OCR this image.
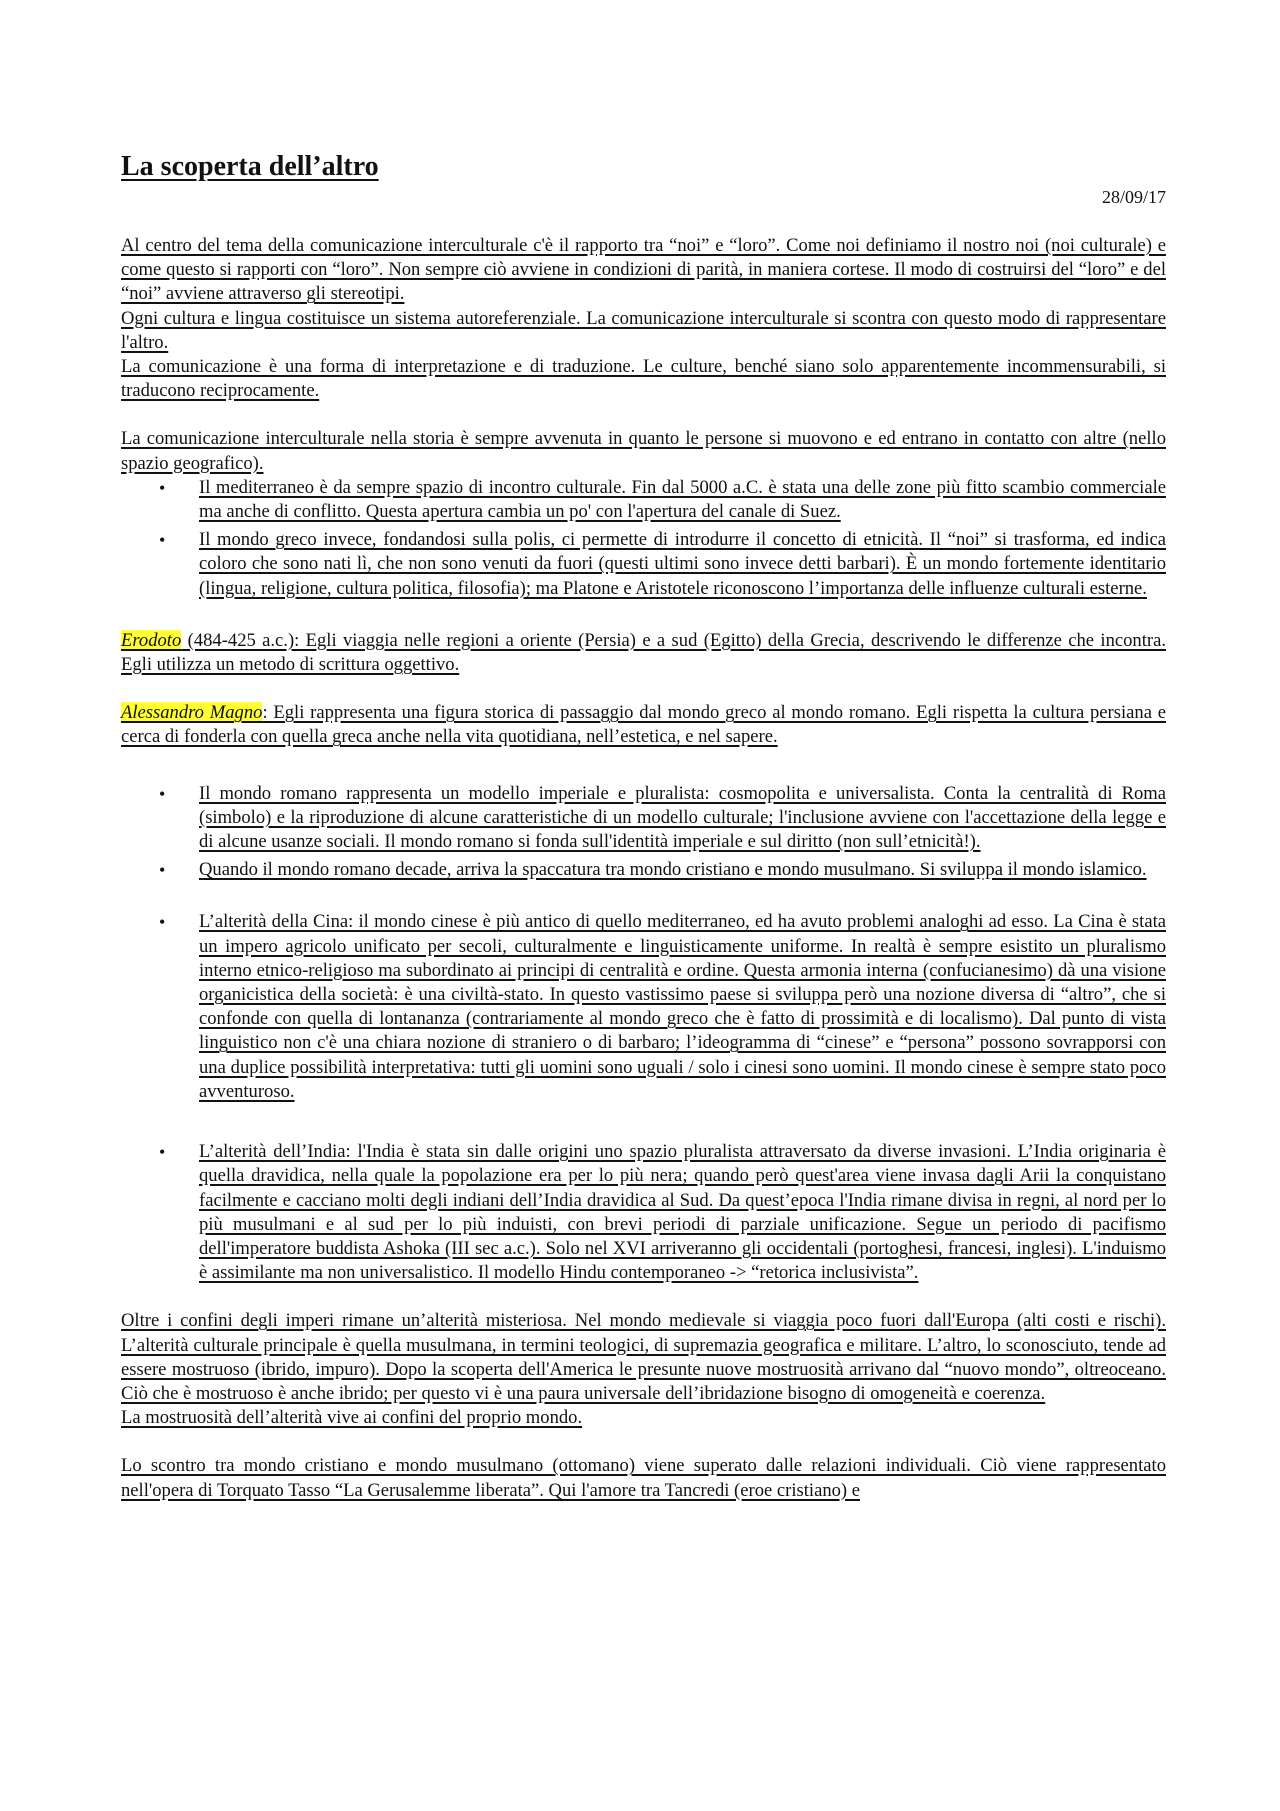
La scoperta dell’altro
28/09/17

Al centro del tema della comunicazione interculturale c'è il rapporto tra “noi” e “loro”. Come noi definiamo il nostro noi (noi culturale) e come questo si rapporti con “loro”. Non sempre ciò avviene in condizioni di parità, in maniera cortese. Il modo di costruirsi del “loro” e del “noi” avviene attraverso gli stereotipi.

Ogni cultura e lingua costituisce un sistema autoreferenziale. La comunicazione interculturale si scontra con questo modo di rappresentare l'altro.

La comunicazione è una forma di interpretazione e di traduzione. Le culture, benché siano solo apparentemente incommensurabili, si traducono reciprocamente.

La comunicazione interculturale nella storia è sempre avvenuta in quanto le persone si muovono e ed entrano in contatto con altre (nello spazio geografico).

• Il mediterraneo è da sempre spazio di incontro culturale. Fin dal 5000 a.C. è stata una delle zone più fitto scambio commerciale ma anche di conflitto. Questa apertura cambia un po' con l'apertura del canale di Suez.
• Il mondo greco invece, fondandosi sulla polis, ci permette di introdurre il concetto di etnicità. Il “noi” si trasforma, ed indica coloro che sono nati lì, che non sono venuti da fuori (questi ultimi sono invece detti barbari). È un mondo fortemente identitario (lingua, religione, cultura politica, filosofia); ma Platone e Aristotele riconoscono l’importanza delle influenze culturali esterne.

Erodoto (484-425 a.c.): Egli viaggia nelle regioni a oriente (Persia) e a sud (Egitto) della Grecia, descrivendo le differenze che incontra. Egli utilizza un metodo di scrittura oggettivo.

Alessandro Magno: Egli rappresenta una figura storica di passaggio dal mondo greco al mondo romano. Egli rispetta la cultura persiana e cerca di fonderla con quella greca anche nella vita quotidiana, nell’estetica, e nel sapere.

• Il mondo romano rappresenta un modello imperiale e pluralista: cosmopolita e universalista. Conta la centralità di Roma (simbolo) e la riproduzione di alcune caratteristiche di un modello culturale; l'inclusione avviene con l'accettazione della legge e di alcune usanze sociali. Il mondo romano si fonda sull'identità imperiale e sul diritto (non sull’etnicità!).
• Quando il mondo romano decade, arriva la spaccatura tra mondo cristiano e mondo musulmano. Si sviluppa il mondo islamico.
• L’alterità della Cina: il mondo cinese è più antico di quello mediterraneo, ed ha avuto problemi analoghi ad esso. La Cina è stata un impero agricolo unificato per secoli, culturalmente e linguisticamente uniforme. In realtà è sempre esistito un pluralismo interno etnico-religioso ma subordinato ai principi di centralità e ordine. Questa armonia interna (confucianesimo) dà una visione organicistica della società: è una civiltà-stato. In questo vastissimo paese si sviluppa però una nozione diversa di “altro”, che si confonde con quella di lontananza (contrariamente al mondo greco che è fatto di prossimità e di localismo). Dal punto di vista linguistico non c'è una chiara nozione di straniero o di barbaro; l’ideogramma di “cinese” e “persona” possono sovrapporsi con una duplice possibilità interpretativa: tutti gli uomini sono uguali / solo i cinesi sono uomini. Il mondo cinese è sempre stato poco avventuroso.
• L’alterità dell’India: l'India è stata sin dalle origini uno spazio pluralista attraversato da diverse invasioni. L’India originaria è quella dravidica, nella quale la popolazione era per lo più nera; quando però quest'area viene invasa dagli Arii la conquistano facilmente e cacciano molti degli indiani dell’India dravidica al Sud. Da quest’epoca l'India rimane divisa in regni, al nord per lo più musulmani e al sud per lo più induisti, con brevi periodi di parziale unificazione. Segue un periodo di pacifismo dell'imperatore buddista Ashoka (III sec a.c.). Solo nel XVI arriveranno gli occidentali (portoghesi, francesi, inglesi). L'induismo è assimilante ma non universalistico. Il modello Hindu contemporaneo -> “retorica inclusivista”.

Oltre i confini degli imperi rimane un’alterità misteriosa. Nel mondo medievale si viaggia poco fuori dall'Europa (alti costi e rischi). L’alterità culturale principale è quella musulmana, in termini teologici, di supremazia geografica e militare. L’altro, lo sconosciuto, tende ad essere mostruoso (ibrido, impuro). Dopo la scoperta dell'America le presunte nuove mostruosità arrivano dal “nuovo mondo”, oltreoceano. Ciò che è mostruoso è anche ibrido; per questo vi è una paura universale dell’ibridazione bisogno di omogeneità e coerenza.

La mostruosità dell’alterità vive ai confini del proprio mondo.

Lo scontro tra mondo cristiano e mondo musulmano (ottomano) viene superato dalle relazioni individuali. Ciò viene rappresentato nell'opera di Torquato Tasso “La Gerusalemme liberata”. Qui l'amore tra Tancredi (eroe cristiano) e
